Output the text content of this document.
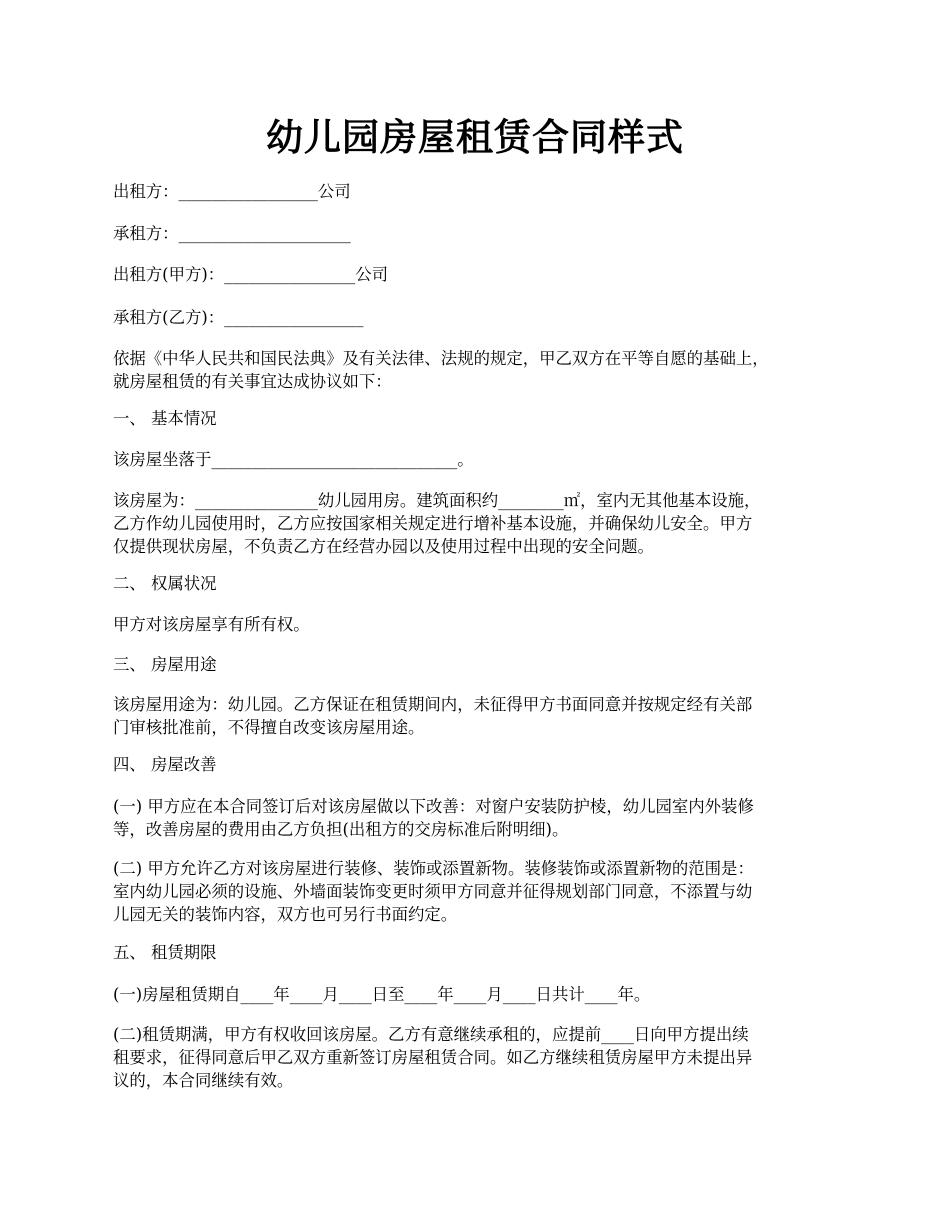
幼儿园房屋租赁合同样式

出租方：_________________公司

承租方：_____________________

出租方(甲方)：________________公司

承租方(乙方)：_________________

依据《中华人民共和国民法典》及有关法律、法规的规定，甲乙双方在平等自愿的基础上，
就房屋租赁的有关事宜达成协议如下：

一、 基本情况

该房屋坐落于______________________________。

该房屋为：_______________幼儿园用房。建筑面积约________㎡，室内无其他基本设施，
乙方作幼儿园使用时，乙方应按国家相关规定进行增补基本设施，并确保幼儿安全。甲方
仅提供现状房屋，不负责乙方在经营办园以及使用过程中出现的安全问题。

二、 权属状况

甲方对该房屋享有所有权。

三、 房屋用途

该房屋用途为：幼儿园。乙方保证在租赁期间内，未征得甲方书面同意并按规定经有关部
门审核批准前，不得擅自改变该房屋用途。

四、 房屋改善

(一) 甲方应在本合同签订后对该房屋做以下改善：对窗户安装防护棱，幼儿园室内外装修
等，改善房屋的费用由乙方负担(出租方的交房标准后附明细)。
(二) 甲方允许乙方对该房屋进行装修、装饰或添置新物。装修装饰或添置新物的范围是：
室内幼儿园必须的设施、外墙面装饰变更时须甲方同意并征得规划部门同意，不添置与幼
儿园无关的装饰内容，双方也可另行书面约定。

五、 租赁期限

(一)房屋租赁期自____年____月____日至____年____月____日共计____年。

(二)租赁期满，甲方有权收回该房屋。乙方有意继续承租的，应提前____日向甲方提出续
租要求，征得同意后甲乙双方重新签订房屋租赁合同。如乙方继续租赁房屋甲方未提出异
议的，本合同继续有效。
